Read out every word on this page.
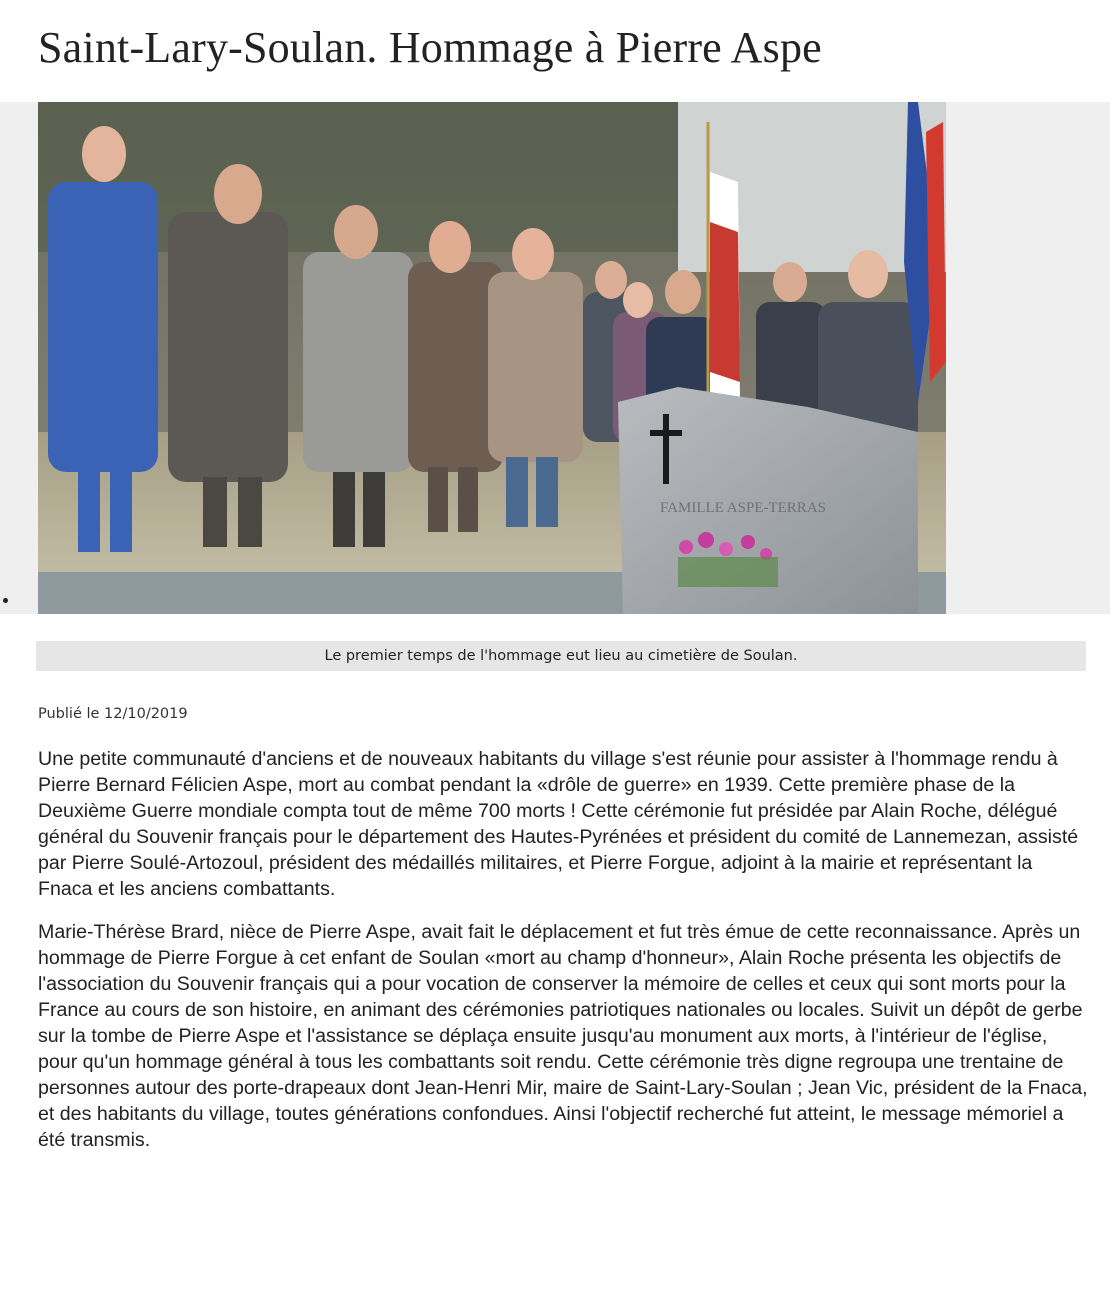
Saint-Lary-Soulan. Hommage à Pierre Aspe
FAMILLE ASPE-TERRAS
Le premier temps de l'hommage eut lieu au cimetière de Soulan.
Publié le 12/10/2019

Une petite communauté d'anciens et de nouveaux habitants du village s'est réunie pour assister à l'hommage rendu à Pierre Bernard Félicien Aspe, mort au combat pendant la «drôle de guerre» en 1939. Cette première phase de la Deuxième Guerre mondiale compta tout de même 700 morts ! Cette cérémonie fut présidée par Alain Roche, délégué général du Souvenir français pour le département des Hautes-Pyrénées et président du comité de Lannemezan, assisté par Pierre Soulé-Artozoul, président des médaillés militaires, et Pierre Forgue, adjoint à la mairie et représentant la Fnaca et les anciens combattants.

Marie-Thérèse Brard, nièce de Pierre Aspe, avait fait le déplacement et fut très émue de cette reconnaissance. Après un hommage de Pierre Forgue à cet enfant de Soulan «mort au champ d'honneur», Alain Roche présenta les objectifs de l'association du Souvenir français qui a pour vocation de conserver la mémoire de celles et ceux qui sont morts pour la France au cours de son histoire, en animant des cérémonies patriotiques nationales ou locales. Suivit un dépôt de gerbe sur la tombe de Pierre Aspe et l'assistance se déplaça ensuite jusqu'au monument aux morts, à l'intérieur de l'église, pour qu'un hommage général à tous les combattants soit rendu. Cette cérémonie très digne regroupa une trentaine de personnes autour des porte-drapeaux dont Jean-Henri Mir, maire de Saint-Lary-Soulan ; Jean Vic, président de la Fnaca, et des habitants du village, toutes générations confondues. Ainsi l'objectif recherché fut atteint, le message mémoriel a été transmis.
